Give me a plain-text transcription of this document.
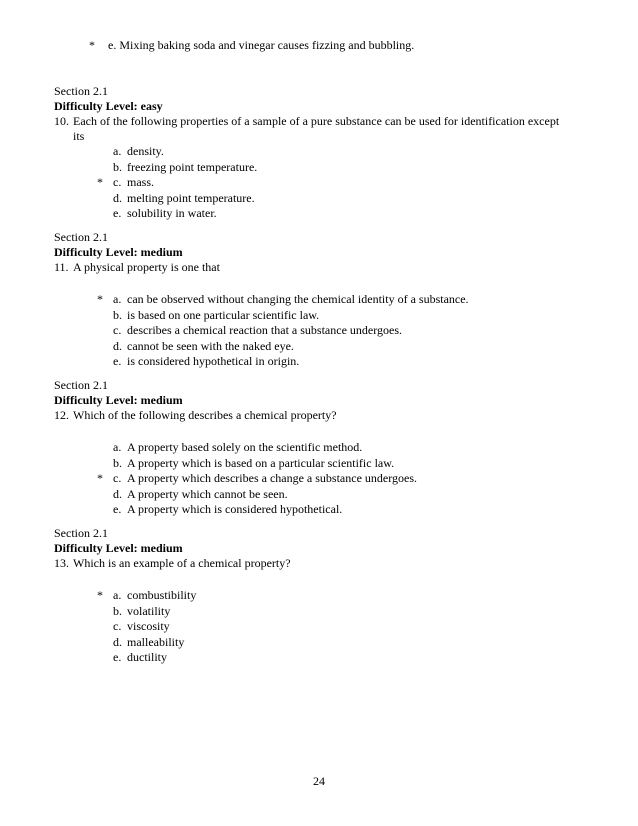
* e. Mixing baking soda and vinegar causes fizzing and bubbling.
Section 2.1
Difficulty Level: easy
10. Each of the following properties of a sample of a pure substance can be used for identification except
its
a. density.
b. freezing point temperature.
* c. mass.
d. melting point temperature.
e. solubility in water.
Section 2.1
Difficulty Level: medium
11. A physical property is one that
* a. can be observed without changing the chemical identity of a substance.
b. is based on one particular scientific law.
c. describes a chemical reaction that a substance undergoes.
d. cannot be seen with the naked eye.
e. is considered hypothetical in origin.
Section 2.1
Difficulty Level: medium
12. Which of the following describes a chemical property?
a. A property based solely on the scientific method.
b. A property which is based on a particular scientific law.
* c. A property which describes a change a substance undergoes.
d. A property which cannot be seen.
e. A property which is considered hypothetical.
Section 2.1
Difficulty Level: medium
13. Which is an example of a chemical property?
* a. combustibility
b. volatility
c. viscosity
d. malleability
e. ductility
24
